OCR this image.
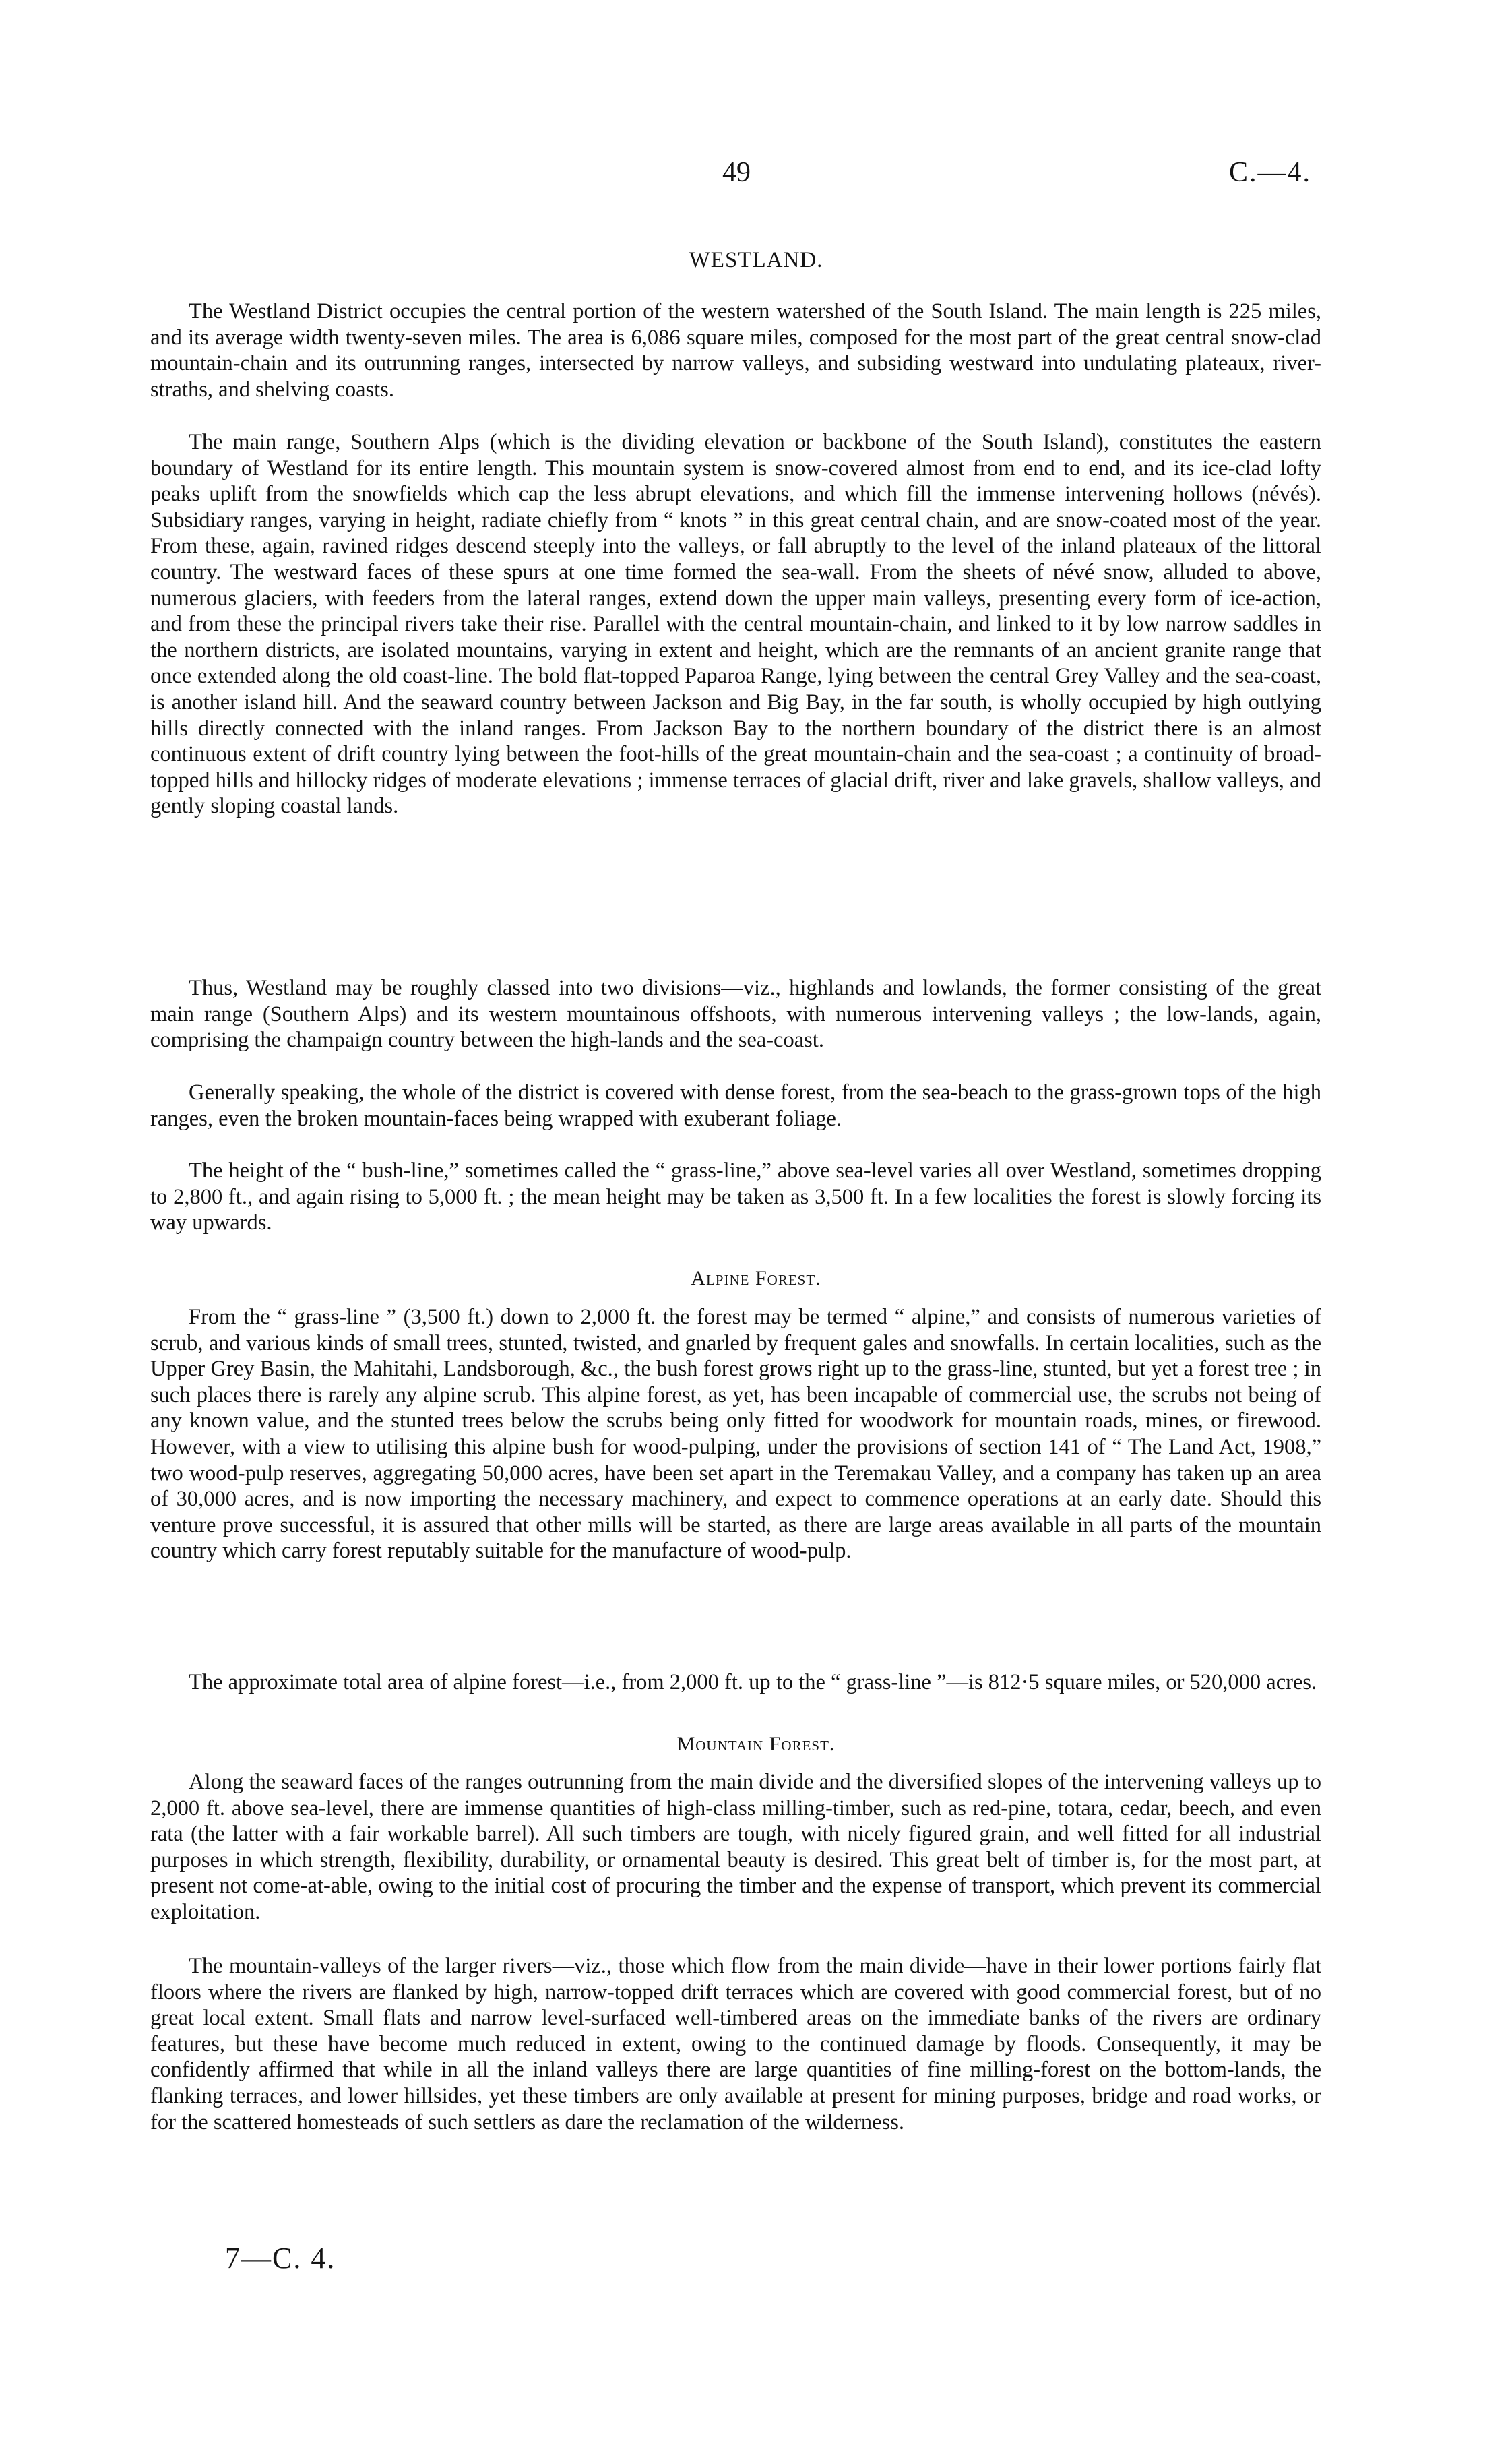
49	C.—4.
WESTLAND.

The Westland District occupies the central portion of the western watershed of the South Island. The main length is 225 miles, and its average width twenty-seven miles. The area is 6,086 square miles, composed for the most part of the great central snow-clad mountain-chain and its outrunning ranges, intersected by narrow valleys, and subsiding westward into undulating plateaux, river-straths, and shelving coasts.

The main range, Southern Alps (which is the dividing elevation or backbone of the South Island), constitutes the eastern boundary of Westland for its entire length. This mountain system is snow-covered almost from end to end, and its ice-clad lofty peaks uplift from the snowfields which cap the less abrupt elevations, and which fill the immense intervening hollows (névés). Subsidiary ranges, varying in height, radiate chiefly from “ knots ” in this great central chain, and are snow-coated most of the year. From these, again, ravined ridges descend steeply into the valleys, or fall abruptly to the level of the inland plateaux of the littoral country. The westward faces of these spurs at one time formed the sea-wall. From the sheets of névé snow, alluded to above, numerous glaciers, with feeders from the lateral ranges, extend down the upper main valleys, presenting every form of ice-action, and from these the principal rivers take their rise. Parallel with the central mountain-chain, and linked to it by low narrow saddles in the northern districts, are isolated mountains, varying in extent and height, which are the remnants of an ancient granite range that once extended along the old coast-line. The bold flat-topped Paparoa Range, lying between the central Grey Valley and the sea-coast, is another island hill. And the seaward country between Jackson and Big Bay, in the far south, is wholly occupied by high outlying hills directly connected with the inland ranges. From Jackson Bay to the northern boundary of the district there is an almost continuous extent of drift country lying between the foot-hills of the great mountain-chain and the sea-coast ; a continuity of broad-topped hills and hillocky ridges of moderate elevations ; immense terraces of glacial drift, river and lake gravels, shallow valleys, and gently sloping coastal lands.

Thus, Westland may be roughly classed into two divisions—viz., highlands and lowlands, the former consisting of the great main range (Southern Alps) and its western mountainous offshoots, with numerous intervening valleys ; the low-lands, again, comprising the champaign country between the high-lands and the sea-coast.

Generally speaking, the whole of the district is covered with dense forest, from the sea-beach to the grass-grown tops of the high ranges, even the broken mountain-faces being wrapped with exuberant foliage.

The height of the “ bush-line,” sometimes called the “ grass-line,” above sea-level varies all over Westland, sometimes dropping to 2,800 ft., and again rising to 5,000 ft. ; the mean height may be taken as 3,500 ft. In a few localities the forest is slowly forcing its way upwards.

Alpine Forest.

From the “ grass-line ” (3,500 ft.) down to 2,000 ft. the forest may be termed “ alpine,” and consists of numerous varieties of scrub, and various kinds of small trees, stunted, twisted, and gnarled by frequent gales and snowfalls. In certain localities, such as the Upper Grey Basin, the Mahitahi, Landsborough, &c., the bush forest grows right up to the grass-line, stunted, but yet a forest tree ; in such places there is rarely any alpine scrub. This alpine forest, as yet, has been incapable of commercial use, the scrubs not being of any known value, and the stunted trees below the scrubs being only fitted for woodwork for mountain roads, mines, or firewood. However, with a view to utilising this alpine bush for wood-pulping, under the provisions of section 141 of “ The Land Act, 1908,” two wood-pulp reserves, aggregating 50,000 acres, have been set apart in the Teremakau Valley, and a company has taken up an area of 30,000 acres, and is now importing the necessary machinery, and expect to commence operations at an early date. Should this venture prove successful, it is assured that other mills will be started, as there are large areas available in all parts of the mountain country which carry forest reputably suitable for the manufacture of wood-pulp.

The approximate total area of alpine forest—i.e., from 2,000 ft. up to the “ grass-line ”—is 812·5 square miles, or 520,000 acres.

Mountain Forest.

Along the seaward faces of the ranges outrunning from the main divide and the diversified slopes of the intervening valleys up to 2,000 ft. above sea-level, there are immense quantities of high-class milling-timber, such as red-pine, totara, cedar, beech, and even rata (the latter with a fair workable barrel). All such timbers are tough, with nicely figured grain, and well fitted for all industrial purposes in which strength, flexibility, durability, or ornamental beauty is desired. This great belt of timber is, for the most part, at present not come-at-able, owing to the initial cost of procuring the timber and the expense of transport, which prevent its commercial exploitation.

The mountain-valleys of the larger rivers—viz., those which flow from the main divide—have in their lower portions fairly flat floors where the rivers are flanked by high, narrow-topped drift terraces which are covered with good commercial forest, but of no great local extent. Small flats and narrow level-surfaced well-timbered areas on the immediate banks of the rivers are ordinary features, but these have become much reduced in extent, owing to the continued damage by floods. Consequently, it may be confidently affirmed that while in all the inland valleys there are large quantities of fine milling-forest on the bottom-lands, the flanking terraces, and lower hillsides, yet these timbers are only available at present for mining purposes, bridge and road works, or for the scattered homesteads of such settlers as dare the reclamation of the wilderness.

7—C. 4.
